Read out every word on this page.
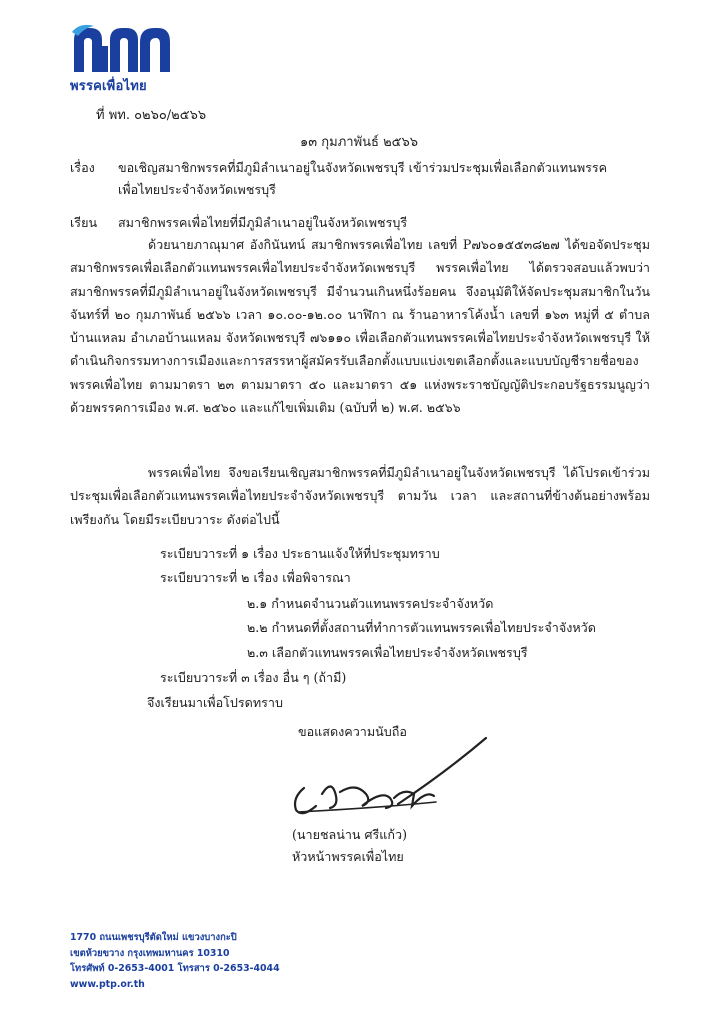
พรรคเพื่อไทย
ที่ พท. ๐๒๖๐/๒๕๖๖
๑๓ กุมภาพันธ์ ๒๕๖๖
เรื่อง ขอเชิญสมาชิกพรรคที่มีภูมิลำเนาอยู่ในจังหวัดเพชรบุรี เข้าร่วมประชุมเพื่อเลือกตัวแทนพรรค
เพื่อไทยประจำจังหวัดเพชรบุรี
เรียน สมาชิกพรรคเพื่อไทยที่มีภูมิลำเนาอยู่ในจังหวัดเพชรบุรี
ด้วยนายภาณุมาศ อังกินันทน์ สมาชิกพรรคเพื่อไทย เลขที่ P๗๖๐๑๕๕๓๘๒๗ ได้ขอจัดประชุมสมาชิกพรรคเพื่อเลือกตัวแทนพรรคเพื่อไทยประจำจังหวัดเพชรบุรี พรรคเพื่อไทย ได้ตรวจสอบแล้วพบว่าสมาชิกพรรคที่มีภูมิลำเนาอยู่ในจังหวัดเพชรบุรี มีจำนวนเกินหนึ่งร้อยคน จึงอนุมัติให้จัดประชุมสมาชิกในวันจันทร์ที่ ๒๐ กุมภาพันธ์ ๒๕๖๖ เวลา ๑๐.๐๐-๑๒.๐๐ นาฬิกา ณ ร้านอาหารโค้งน้ำ เลขที่ ๑๖๓ หมู่ที่ ๕ ตำบลบ้านแหลม อำเภอบ้านแหลม จังหวัดเพชรบุรี ๗๖๑๑๐ เพื่อเลือกตัวแทนพรรคเพื่อไทยประจำจังหวัดเพชรบุรี ให้ดำเนินกิจกรรมทางการเมืองและการสรรหาผู้สมัครรับเลือกตั้งแบบแบ่งเขตเลือกตั้งและแบบบัญชีรายชื่อของพรรคเพื่อไทย ตามมาตรา ๒๓ ตามมาตรา ๕๐ และมาตรา ๕๑ แห่งพระราชบัญญัติประกอบรัฐธรรมนูญว่าด้วยพรรคการเมือง พ.ศ. ๒๕๖๐ และแก้ไขเพิ่มเติม (ฉบับที่ ๒) พ.ศ. ๒๕๖๖
พรรคเพื่อไทย จึงขอเรียนเชิญสมาชิกพรรคที่มีภูมิลำเนาอยู่ในจังหวัดเพชรบุรี ได้โปรดเข้าร่วมประชุมเพื่อเลือกตัวแทนพรรคเพื่อไทยประจำจังหวัดเพชรบุรี ตามวัน เวลา และสถานที่ข้างต้นอย่างพร้อมเพรียงกัน โดยมีระเบียบวาระ ดังต่อไปนี้
ระเบียบวาระที่ ๑ เรื่อง ประธานแจ้งให้ที่ประชุมทราบ
ระเบียบวาระที่ ๒ เรื่อง เพื่อพิจารณา
๒.๑ กำหนดจำนวนตัวแทนพรรคประจำจังหวัด
๒.๒ กำหนดที่ตั้งสถานที่ทำการตัวแทนพรรคเพื่อไทยประจำจังหวัด
๒.๓ เลือกตัวแทนพรรคเพื่อไทยประจำจังหวัดเพชรบุรี
ระเบียบวาระที่ ๓ เรื่อง อื่น ๆ (ถ้ามี)
จึงเรียนมาเพื่อโปรดทราบ
ขอแสดงความนับถือ
(นายชลน่าน ศรีแก้ว)
หัวหน้าพรรคเพื่อไทย
1770 ถนนเพชรบุรีตัดใหม่ แขวงบางกะปิ
เขตห้วยขวาง กรุงเทพมหานคร 10310
โทรศัพท์ 0-2653-4001 โทรสาร 0-2653-4044
www.ptp.or.th
